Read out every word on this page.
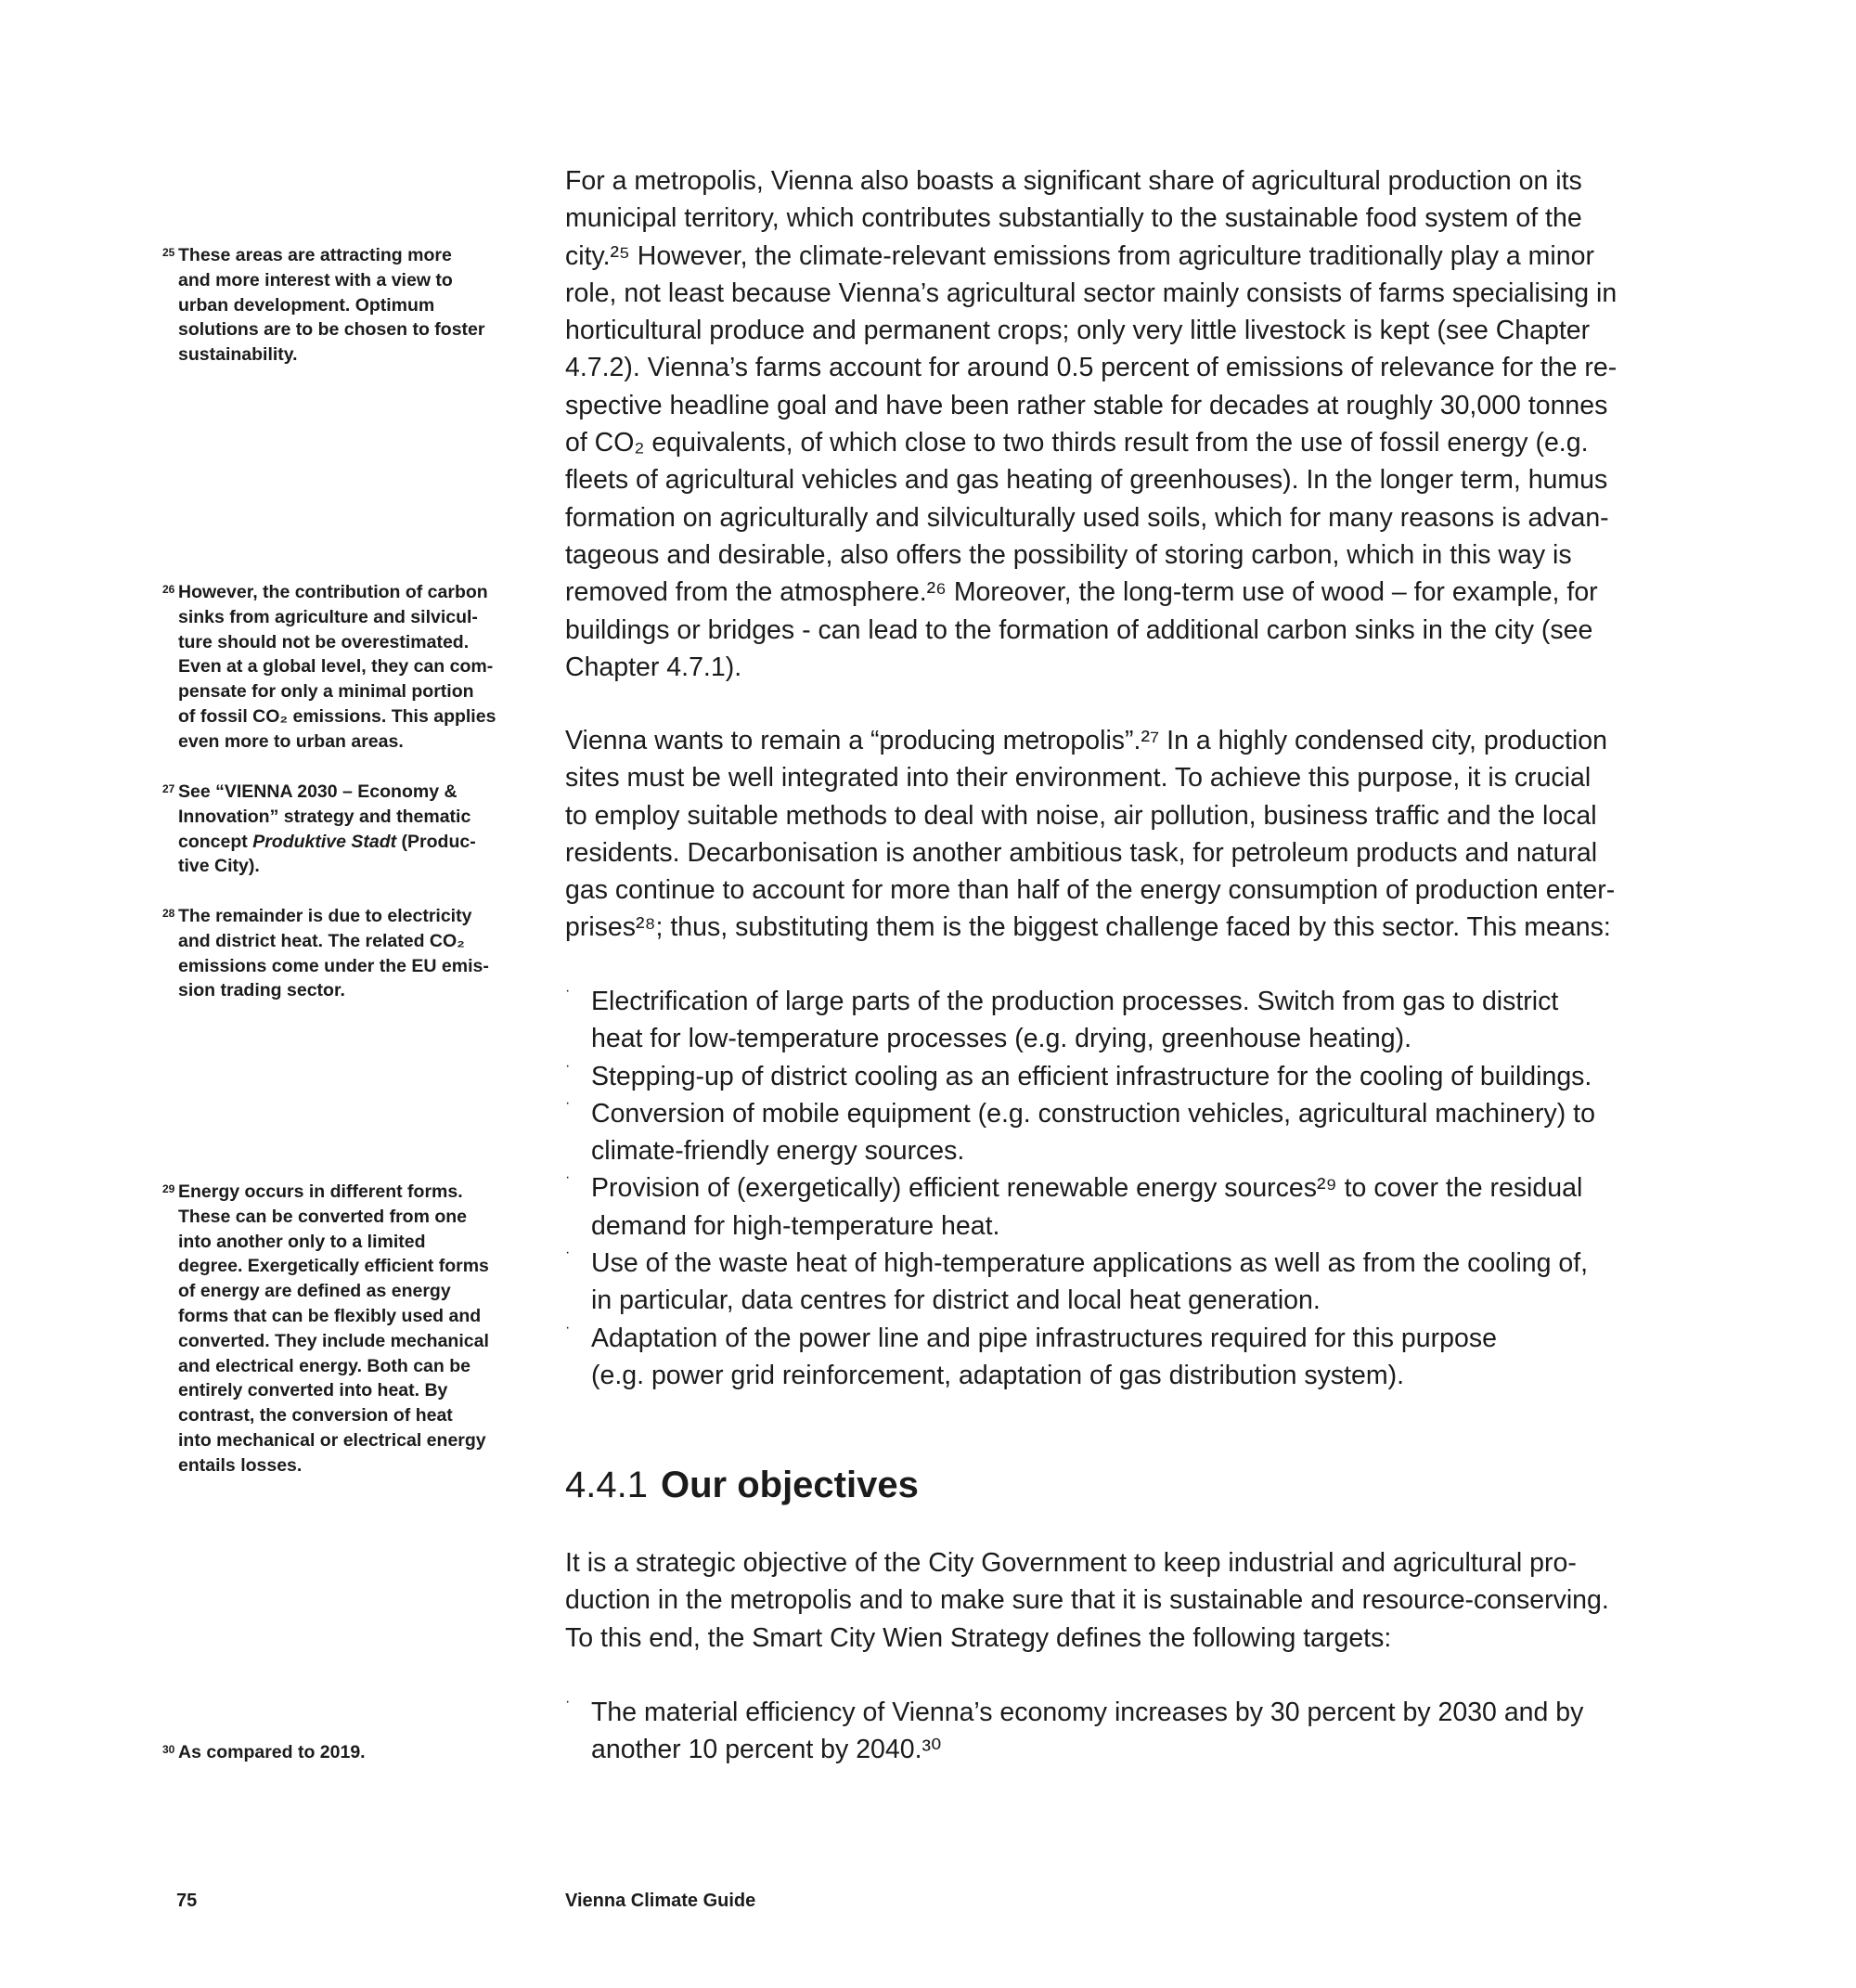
25 These areas are attracting more
and more interest with a view to
urban development. Optimum
solutions are to be chosen to foster
sustainability.
26 However, the contribution of carbon
sinks from agriculture and silvicul-
ture should not be overestimated.
Even at a global level, they can com-
pensate for only a minimal portion
of fossil CO₂ emissions. This applies
even more to urban areas.
27 See “VIENNA 2030 – Economy &
Innovation” strategy and thematic
concept Produktive Stadt (Produc-
tive City).
28 The remainder is due to electricity
and district heat. The related CO₂
emissions come under the EU emis-
sion trading sector.
29 Energy occurs in different forms.
These can be converted from one
into another only to a limited
degree. Exergetically efficient forms
of energy are defined as energy
forms that can be flexibly used and
converted. They include mechanical
and electrical energy. Both can be
entirely converted into heat. By
contrast, the conversion of heat
into mechanical or electrical energy
entails losses.
30 As compared to 2019.
For a metropolis, Vienna also boasts a significant share of agricultural production on its
municipal territory, which contributes substantially to the sustainable food system of the
city.²⁵ However, the climate-relevant emissions from agriculture traditionally play a minor
role, not least because Vienna’s agricultural sector mainly consists of farms specialising in
horticultural produce and permanent crops; only very little livestock is kept (see Chapter
4.7.2). Vienna’s farms account for around 0.5 percent of emissions of relevance for the re-
spective headline goal and have been rather stable for decades at roughly 30,000 tonnes
of CO₂ equivalents, of which close to two thirds result from the use of fossil energy (e.g.
fleets of agricultural vehicles and gas heating of greenhouses). In the longer term, humus
formation on agriculturally and silviculturally used soils, which for many reasons is advan-
tageous and desirable, also offers the possibility of storing carbon, which in this way is
removed from the atmosphere.²⁶ Moreover, the long-term use of wood – for example, for
buildings or bridges - can lead to the formation of additional carbon sinks in the city (see
Chapter 4.7.1).
Vienna wants to remain a “producing metropolis”.²⁷ In a highly condensed city, production
sites must be well integrated into their environment. To achieve this purpose, it is crucial
to employ suitable methods to deal with noise, air pollution, business traffic and the local
residents. Decarbonisation is another ambitious task, for petroleum products and natural
gas continue to account for more than half of the energy consumption of production enter-
prises²⁸; thus, substituting them is the biggest challenge faced by this sector. This means:
· Electrification of large parts of the production processes. Switch from gas to district
heat for low-temperature processes (e.g. drying, greenhouse heating).
· Stepping-up of district cooling as an efficient infrastructure for the cooling of buildings.
· Conversion of mobile equipment (e.g. construction vehicles, agricultural machinery) to
climate-friendly energy sources.
· Provision of (exergetically) efficient renewable energy sources²⁹ to cover the residual
demand for high-temperature heat.
· Use of the waste heat of high-temperature applications as well as from the cooling of,
in particular, data centres for district and local heat generation.
· Adaptation of the power line and pipe infrastructures required for this purpose
(e.g. power grid reinforcement, adaptation of gas distribution system).
4.4.1 Our objectives
It is a strategic objective of the City Government to keep industrial and agricultural pro-
duction in the metropolis and to make sure that it is sustainable and resource-conserving.
To this end, the Smart City Wien Strategy defines the following targets:
· The material efficiency of Vienna’s economy increases by 30 percent by 2030 and by
another 10 percent by 2040.³⁰
75	Vienna Climate Guide
